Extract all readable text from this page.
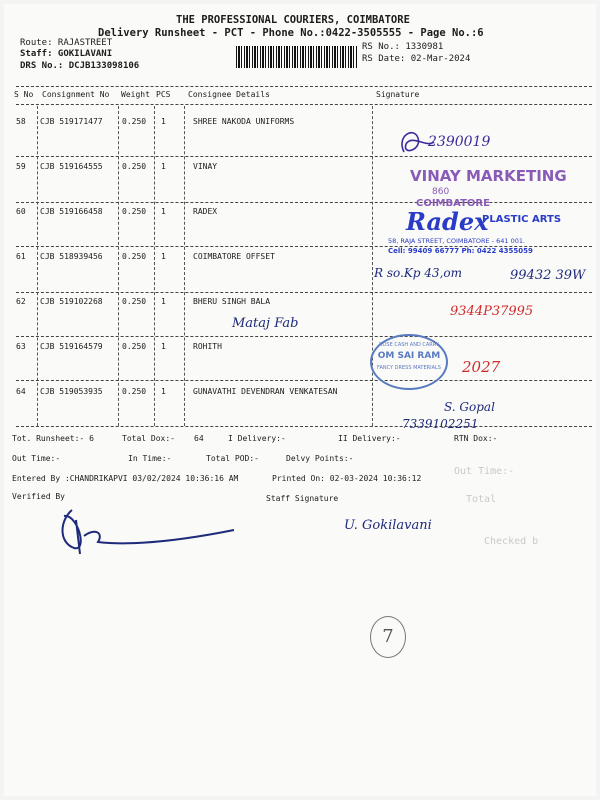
THE PROFESSIONAL COURIERS, COIMBATORE
Delivery Runsheet - PCT - Phone No.:0422-3505555 - Page No.:6
Route: RAJASTREET
Staff: GOKILAVANI
DRS No.: DCJB133098106
RS No.: 1330981
RS Date: 02-Mar-2024
S No Consignment No Weight PCS Consignee Details	Signature
58 CJB 519171477 0.250 1	SHREE NAKODA UNIFORMS
59 CJB 519164555 0.250 1	VINAY
60 CJB 519166458 0.250 1	RADEX
61 CJB 518939456 0.250 1	COIMBATORE OFFSET
62 CJB 519102268 0.250 1	BHERU SINGH BALA
63 CJB 519164579 0.250 1	ROHITH
64 CJB 519053935 0.250 1	GUNAVATHI DEVENDRAN VENKATESAN
Tot. Runsheet:- 6	Total Dox:- 64	I Delivery:-	II Delivery:-	RTN Dox:-
Out Time:-	In Time:-	Total POD:-	Delvy Points:-
Entered By :CHANDRIKAPVI 03/02/2024 10:36:16 AM	Printed On: 02-03-2024 10:36:12
Verified By	Staff Signature
Out Time:-
Total
Checked b
2390019
VINAY MARKETING
860
COIMBATORE
Radex
PLASTIC ARTS
58, RAJA STREET, COIMBATORE - 641 001.
Cell: 99409 66777 Ph: 0422 4355059
R so.Kp 43,om	99432 39W
Mataj Fab
9344P37995
ROSE CASH AND CARRY
OM SAI RAM
FANCY DRESS MATERIALS	2027
S. Gopal
7339102251
U. Gokilavani
7
